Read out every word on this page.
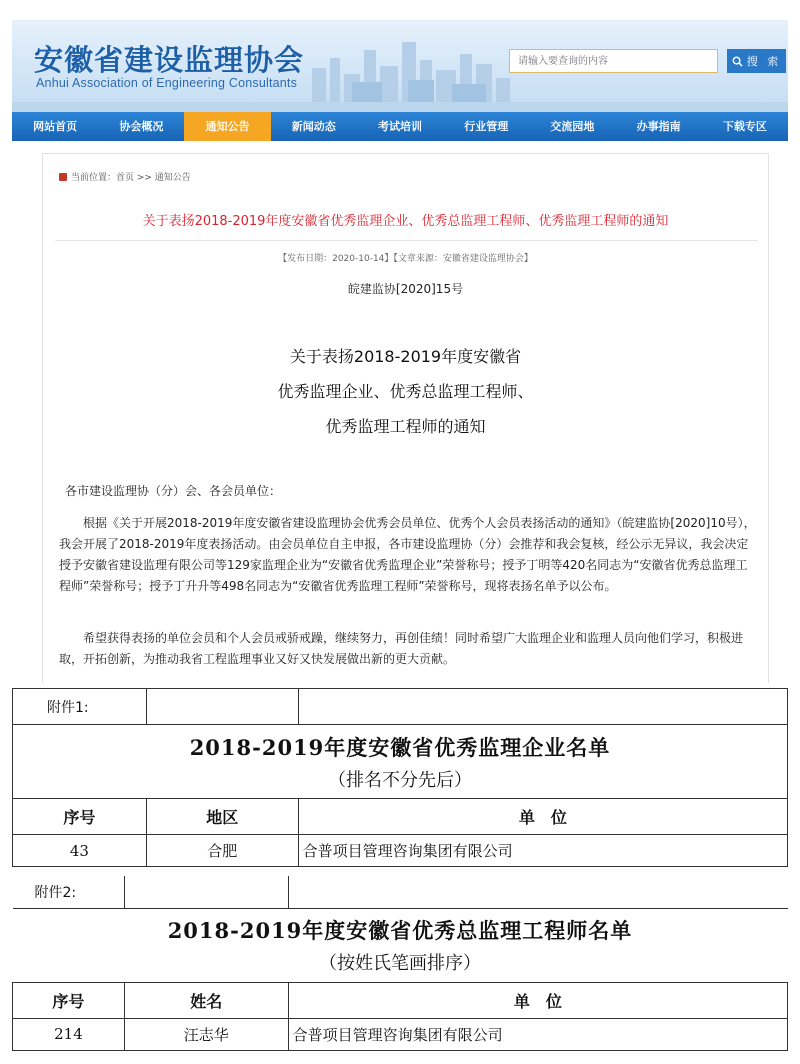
安徽省建设监理协会
Anhui Association of Engineering Consultants
请输入要查询的内容
搜 索
网站首页	协会概况	通知公告	新闻动态	考试培训	行业管理	交流园地	办事指南	下载专区
当前位置：首页 >> 通知公告
关于表扬2018-2019年度安徽省优秀监理企业、优秀总监理工程师、优秀监理工程师的通知
【发布日期：2020-10-14】【文章来源：安徽省建设监理协会】
皖建监协[2020]15号
关于表扬2018-2019年度安徽省
优秀监理企业、优秀总监理工程师、
优秀监理工程师的通知
各市建设监理协（分）会、各会员单位：
根据《关于开展2018-2019年度安徽省建设监理协会优秀会员单位、优秀个人会员表扬活动的通知》（皖建监协[2020]10号），我会开展了2018-2019年度表扬活动。由会员单位自主申报，各市建设监理协（分）会推荐和我会复核，经公示无异议，我会决定授予安徽省建设监理有限公司等129家监理企业为“安徽省优秀监理企业”荣誉称号；授予丁明等420名同志为“安徽省优秀总监理工程师”荣誉称号；授予丁升升等498名同志为“安徽省优秀监理工程师”荣誉称号，现将表扬名单予以公布。
希望获得表扬的单位会员和个人会员戒骄戒躁，继续努力，再创佳绩！同时希望广大监理企业和监理人员向他们学习，积极进取，开拓创新，为推动我省工程监理事业又好又快发展做出新的更大贡献。
附件1:		

2018-2019年度安徽省优秀监理企业名单
（排名不分先后）		

序号	地区	单　位
43	合肥	合普项目管理咨询集团有限公司
附件2:		

2018-2019年度安徽省优秀总监理工程师名单
（按姓氏笔画排序）		

序号	姓名	单　位
214	汪志华	合普项目管理咨询集团有限公司
